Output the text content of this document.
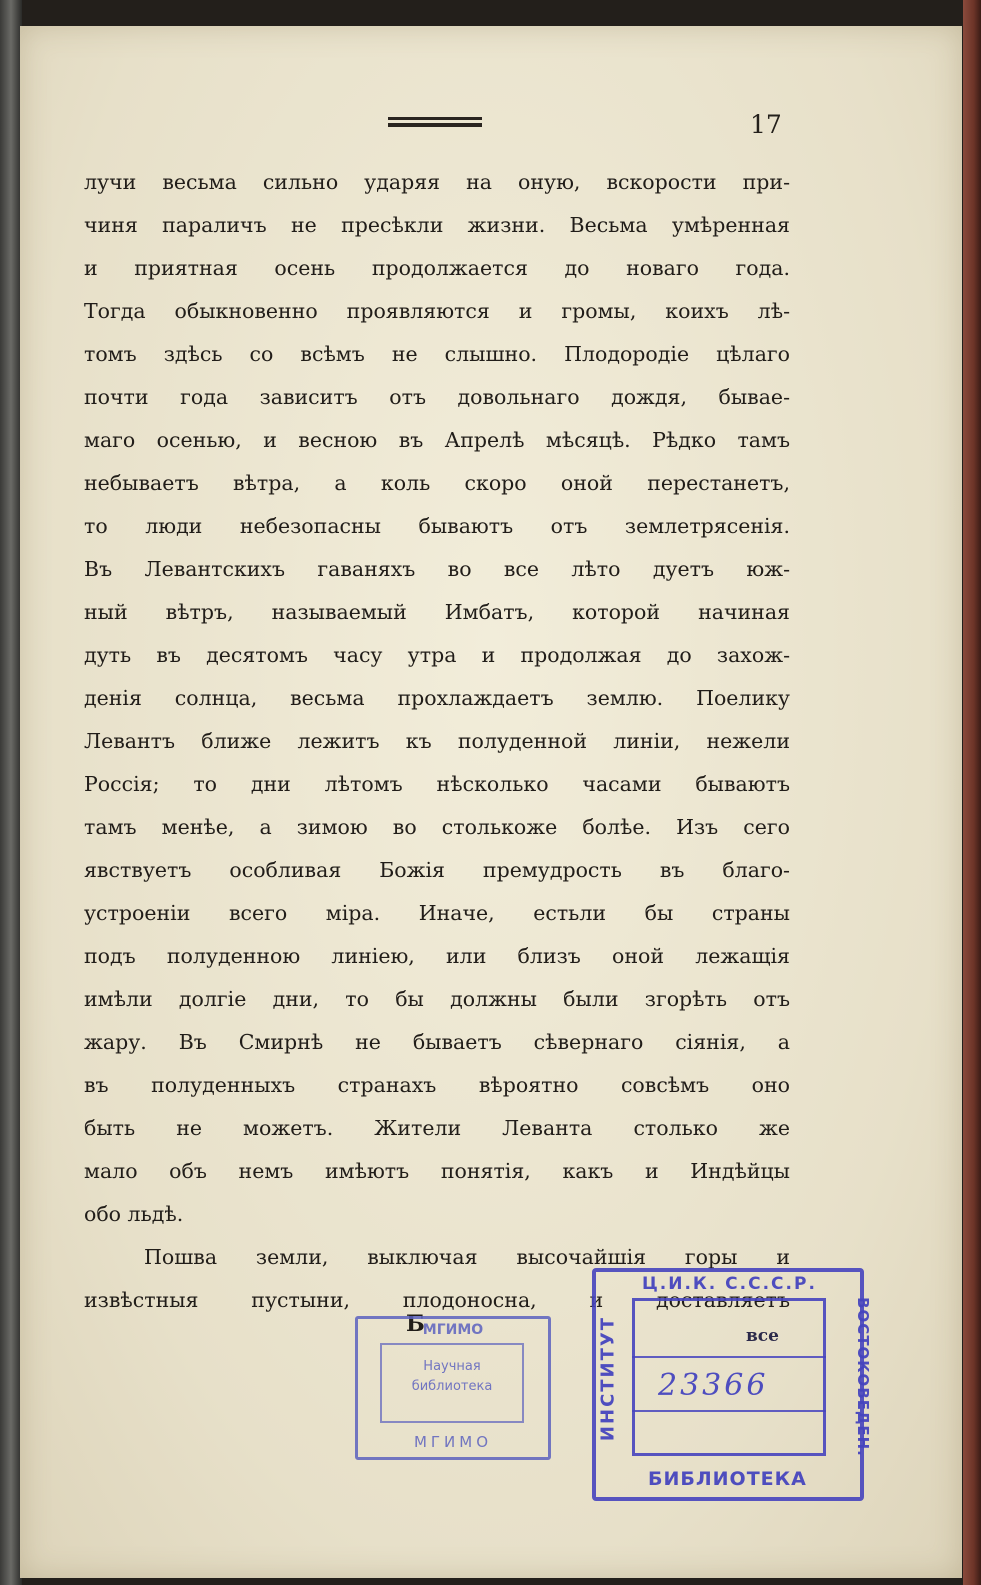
17
лучи весьма сильно ударяя на оную, вскорости при-
чиня параличъ не пресѣкли жизни. Весьма умѣренная
и приятная осень продолжается до новаго года.
Тогда обыкновенно проявляются и громы, коихъ лѣ-
томъ здѣсь со всѣмъ не слышно. Плодородiе цѣлаго
почти года зависитъ отъ довольнаго дождя, бывае-
маго осенью, и весною въ Апрелѣ мѣсяцѣ. Рѣдко тамъ
небываетъ вѣтра, а коль скоро оной перестанетъ,
то люди небезопасны бываютъ отъ землетрясенiя.
Въ Левантскихъ гаваняхъ во все лѣто дуетъ юж-
ный вѣтръ, называемый Имбатъ, которой начиная
дуть въ десятомъ часу утра и продолжая до захож-
денiя солнца, весьма прохлаждаетъ землю. Поелику
Левантъ ближе лежитъ къ полуденной линiи, нежели
Россiя; то дни лѣтомъ нѣсколько часами бываютъ
тамъ менѣе, а зимою во столькоже болѣе. Изъ сего
явствуетъ особливая Божiя премудрость въ благо-
устроенiи всего мiра. Иначе, естьли бы страны
подъ полуденною линiею, или близъ оной лежащiя
имѣли долгiе дни, то бы должны были згорѣть отъ
жару. Въ Смирнѣ не бываетъ сѣвернаго сiянiя, а
въ полуденныхъ странахъ вѣроятно совсѣмъ оно
быть не можетъ. Жители Леванта столько же
мало объ немъ имѣютъ понятiя, какъ и Индѣйцы
обо льдѣ.
Пошва земли, выключая высочайшiя горы и
извѣстныя пустыни, плодоносна, и доставляетъ
Б
МГИМО
Научная библиотека
МГИМО
Ц.И.К. С.С.С.Р.
ИНСТИТУТ	ВОСТОКОВЕДЕН.
все
23366
БИБЛИОТЕКА
